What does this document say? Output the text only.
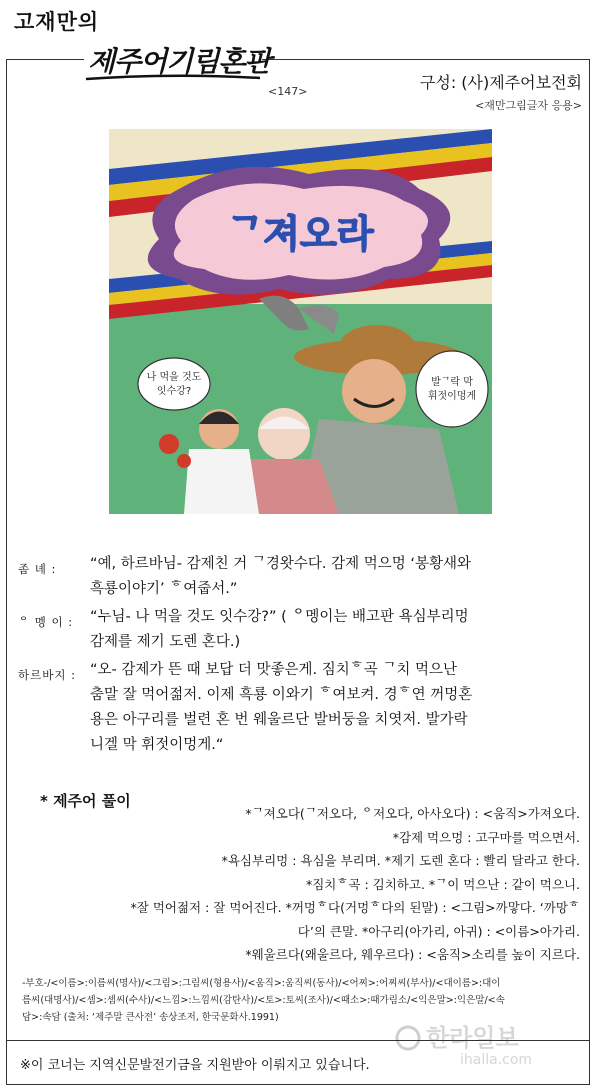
고재만의
제주어기림혼판
<147>	구성: (사)제주어보전회
<재만그림글자 응용>
ᄀ져오라
나 먹을 것도
잇수강?
발ᄀ락 막
휘젓이멍게
좀 녜 : “예, 하르바님- 감제친 거 ᄀ경왓수다. 감제 먹으멍 ‘봉황새와
흑룡이야기’ ᄒ여줍서.”
ᄋ 멩 이 : “누님- 나 먹을 것도 잇수강?” ( ᄋ멩이는 배고판 욕심부리멍
감제를 제기 도렌 혼다.)
하르바지 : “오- 감제가 뜬 때 보답 더 맛좋은게. 짐치ᄒ곡 ᄀ치 먹으난
춤말 잘 먹어젊저. 이제 흑룡 이와기 ᄒ여보켜. 경ᄒ연 꺼멍혼
용은 아구리를 벌련 혼 번 웨울르단 발버둥을 치엿저. 발가락
니겔 막 휘젓이멍게.“
* 제주어 풀이
*ᄀ져오다(ᄀ저오다, ᄋ저오다, 아사오다) : <움직>가져오다.
*감제 먹으멍 : 고구마를 먹으면서.
*욕심부리멍 : 욕심을 부리며. *제기 도렌 혼다 : 빨리 달라고 한다.
*짐치ᄒ곡 : 김치하고. *ᄀ이 먹으난 : 같이 먹으니.
*잘 먹어젊저 : 잘 먹어진다. *꺼멍ᄒ다(거멍ᄒ다의 된말) : <그림>까맣다. ‘까망ᄒ
다’의 큰말. *아구리(아가리, 아귀) : <이름>아가리.
*웨울르다(왜울르다, 웨우르다) : <움직>소리를 높이 지르다.
-부호-/<이름>:이름씨(명사)/<그림>:그림씨(형용사)/<움직>:움직씨(동사)/<어찌>:어찌씨(부사)/<대이름>:대이
름씨(대명사)/<셈>:셈씨(수사)/<느낌>:느낌씨(감탄사)/<토>:토씨(조사)/<때소>:때가림소/<익은말>:익은말/<속
담>:속담 (출처: ‘제주말 큰사전’ 송상조저, 한국문화사.1991)
한라일보
ihalla.com
※이 코너는 지역신문발전기금을 지원받아 이뤄지고 있습니다.
